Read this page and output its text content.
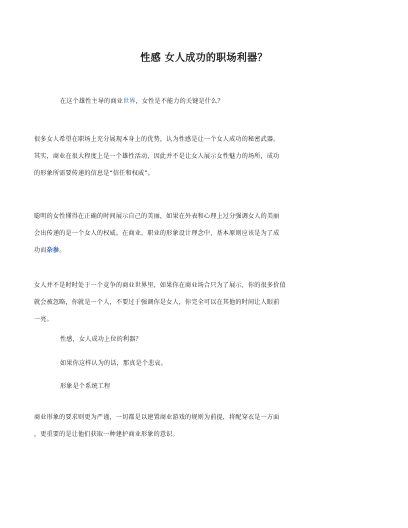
性感 女人成功的职场利器？
在这个雄性主导的商业世界，女性是不能力的关键是什么？
很多女人希望在职场上充分展现本身上的优势，认为性感是让一个女人成功的秘密武器。
其实，商业在很大程度上是一个雄性活动，因此并不是让女人展示女性魅力的场所，成功
的形象所需要传递的信息是“信任和权威”。
聪明的女性懂得在正确的时间展示自己的美丽，如果在外表和心理上过分强调女人的美丽
会出传递的是一个女人的权威。在商业，职业的形象设计理念中，基本原则应该是为了成
功而杂参。
女人并不是时时处于一个竞争的商业世界里，如果你在商业场合只为了展示，你的很多价值
就会被忽略，你就是一个人，不要过于强调你是女人，你完全可以在其他的时间让人眼前
一亮。
性感，女人成功上位的利器？
如果你这样认为的话，那真是个悲哀。
形象是个系统工程
商业形象的要求则更为严谨，一切都是以建置商业游戏的规则为前提，将配穿衣是一方面
，更重要的是让他们获取一种建护商业形象的意识。
